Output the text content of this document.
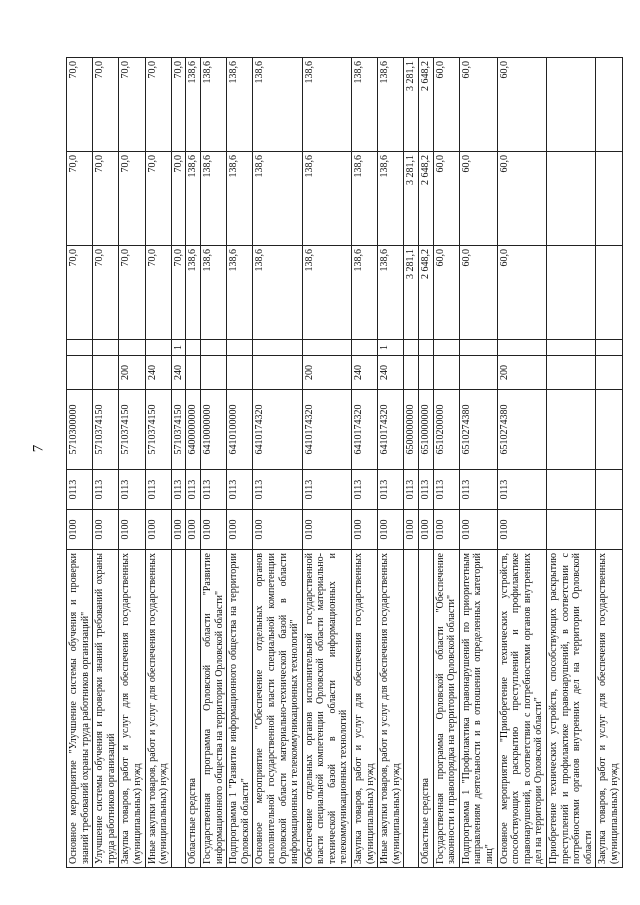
7
Основное мероприятие "Улучшение системы обучения и проверки знаний требований охраны труда работников организаций"	0100	0113	5710300000			70,0	70,0	70,0
Улучшение системы обучения и проверки знаний требований охраны труда работников организаций	0100	0113	5710374150			70,0	70,0	70,0
Закупка товаров, работ и услуг для обеспечения государственных (муниципальных) нужд	0100	0113	5710374150	200		70,0	70,0	70,0
Иные закупки товаров, работ и услуг для обеспечения государственных (муниципальных) нужд	0100	0113	5710374150	240		70,0	70,0	70,0
	0100	0113	5710374150	240	1	70,0	70,0	70,0
Областные средства	0100	0113	6400000000			138,6	138,6	138,6
Государственная программа Орловской области "Развитие информационного общества на территории Орловской области"	0100	0113	6410000000			138,6	138,6	138,6
Подпрограмма 1 "Развитие информационного общества на территории Орловской области"	0100	0113	6410100000			138,6	138,6	138,6
Основное мероприятие "Обеспечение отдельных органов исполнительной государственной власти специальной компетенции Орловской области материально-технической базой в области информационных и телекоммуникационных технологий"	0100	0113	6410174320			138,6	138,6	138,6
Обеспечение отдельных органов исполнительной государственной власти специальной компетенции Орловской области материально-технической базой в области информационных и телекоммуникационных технологий	0100	0113	6410174320	200		138,6	138,6	138,6
Закупка товаров, работ и услуг для обеспечения государственных (муниципальных) нужд	0100	0113	6410174320	240		138,6	138,6	138,6
Иные закупки товаров, работ и услуг для обеспечения государственных (муниципальных) нужд	0100	0113	6410174320	240	1	138,6	138,6	138,6
	0100	0113	6500000000			3 281,1	3 281,1	3 281,1
Областные средства	0100	0113	6510000000			2 648,2	2 648,2	2 648,2
Государственная программа Орловской области "Обеспечение законности и правопорядка на территории Орловской области"	0100	0113	6510200000			60,0	60,0	60,0
Подпрограмма 1 "Профилактика правонарушений по приоритетным направлениям деятельности и в отношении определенных категорий лиц"	0100	0113	6510274380			60,0	60,0	60,0
Основное мероприятие "Приобретение технических устройств, способствующих раскрытию преступлений и профилактике правонарушений, в соответствии с потребностями органов внутренних дел на территории Орловской области"	0100	0113	6510274380	200		60,0	60,0	60,0
Приобретение технических устройств, способствующих раскрытию преступлений и профилактике правонарушений, в соответствии с потребностями органов внутренних дел на территории Орловской области								
Закупка товаров, работ и услуг для обеспечения государственных (муниципальных) нужд								
